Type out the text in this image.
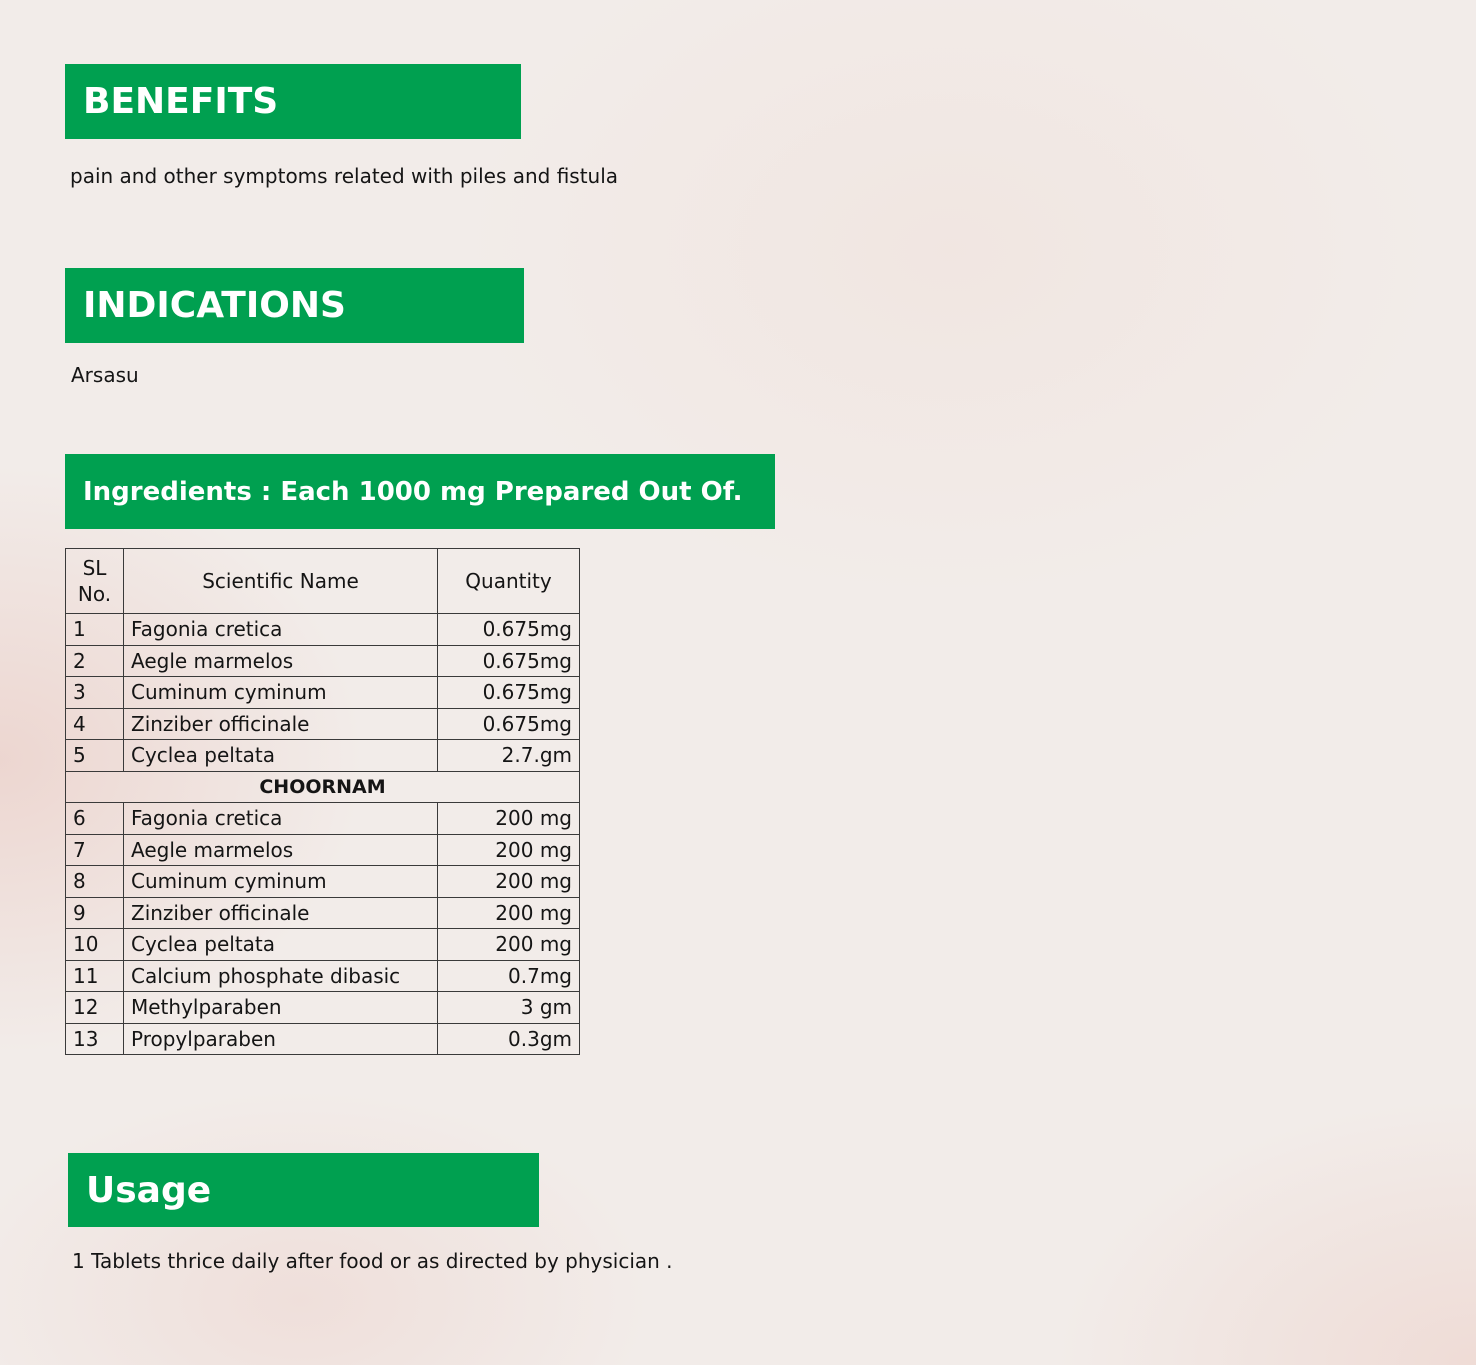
BENEFITS
pain and other symptoms related with piles and fistula
INDICATIONS
Arsasu
Ingredients : Each 1000 mg Prepared Out Of.
SL
No.	Scientific Name	Quantity
1	Fagonia cretica	0.675mg
2	Aegle marmelos	0.675mg
3	Cuminum cyminum	0.675mg
4	Zinziber officinale	0.675mg
5	Cyclea peltata	2.7.gm
CHOORNAM		
6	Fagonia cretica	200 mg
7	Aegle marmelos	200 mg
8	Cuminum cyminum	200 mg
9	Zinziber officinale	200 mg
10	Cyclea peltata	200 mg
11	Calcium phosphate dibasic	0.7mg
12	Methylparaben	3 gm
13	Propylparaben	0.3gm
Usage
1 Tablets thrice daily after food or as directed by physician .
